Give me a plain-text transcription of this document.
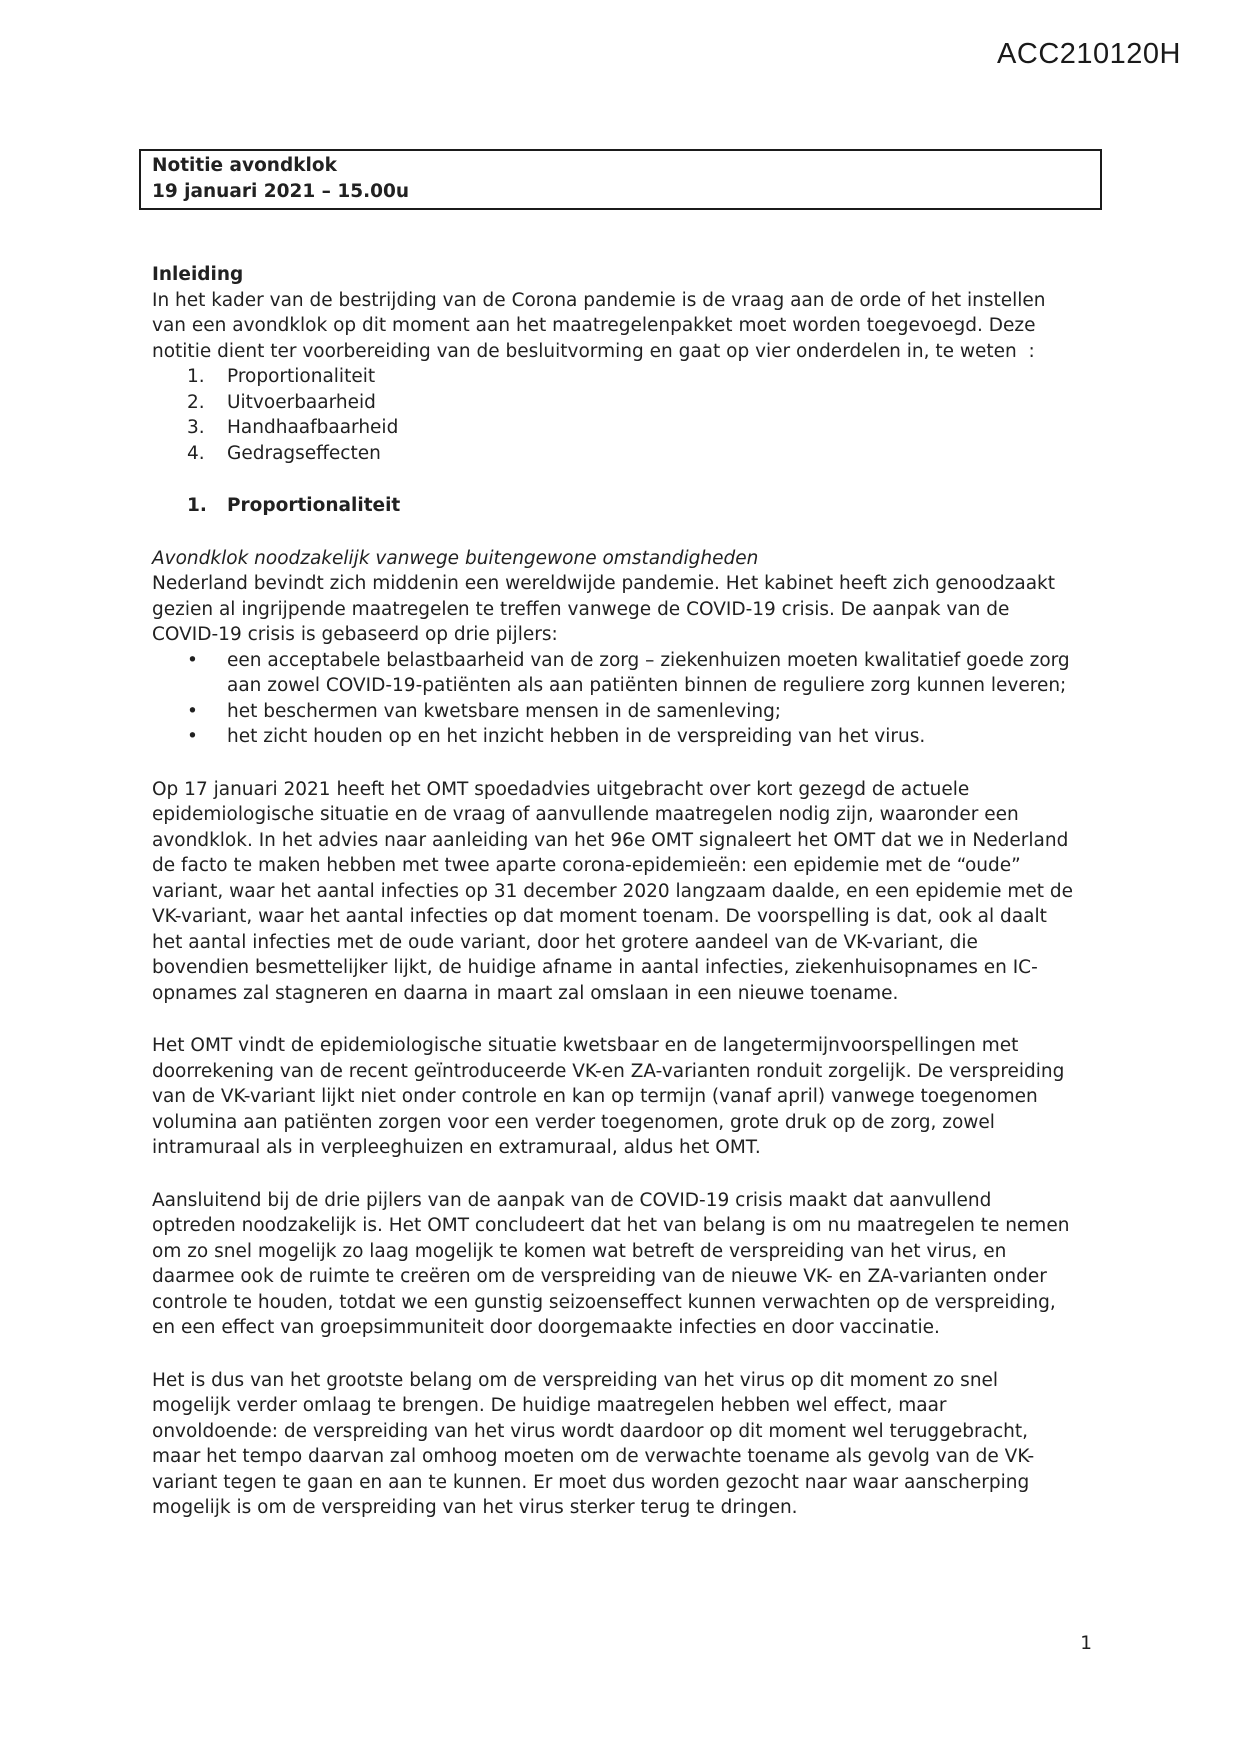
ACC210120H
Notitie avondklok
19 januari 2021 – 15.00u
Inleiding
In het kader van de bestrijding van de Corona pandemie is de vraag aan de orde of het instellen
van een avondklok op dit moment aan het maatregelenpakket moet worden toegevoegd. Deze
notitie dient ter voorbereiding van de besluitvorming en gaat op vier onderdelen in, te weten  :
1.	Proportionaliteit
2.	Uitvoerbaarheid
3.	Handhaafbaarheid
4.	Gedragseffecten
1.	Proportionaliteit
Avondklok noodzakelijk vanwege buitengewone omstandigheden
Nederland bevindt zich middenin een wereldwijde pandemie. Het kabinet heeft zich genoodzaakt
gezien al ingrijpende maatregelen te treffen vanwege de COVID-19 crisis. De aanpak van de
COVID-19 crisis is gebaseerd op drie pijlers:
•	een acceptabele belastbaarheid van de zorg – ziekenhuizen moeten kwalitatief goede zorg
aan zowel COVID-19-patiënten als aan patiënten binnen de reguliere zorg kunnen leveren;
•	het beschermen van kwetsbare mensen in de samenleving;
•	het zicht houden op en het inzicht hebben in de verspreiding van het virus.
Op 17 januari 2021 heeft het OMT spoedadvies uitgebracht over kort gezegd de actuele
epidemiologische situatie en de vraag of aanvullende maatregelen nodig zijn, waaronder een
avondklok. In het advies naar aanleiding van het 96e OMT signaleert het OMT dat we in Nederland
de facto te maken hebben met twee aparte corona-epidemieën: een epidemie met de “oude”
variant, waar het aantal infecties op 31 december 2020 langzaam daalde, en een epidemie met de
VK-variant, waar het aantal infecties op dat moment toenam. De voorspelling is dat, ook al daalt
het aantal infecties met de oude variant, door het grotere aandeel van de VK-variant, die
bovendien besmettelijker lijkt, de huidige afname in aantal infecties, ziekenhuisopnames en IC-
opnames zal stagneren en daarna in maart zal omslaan in een nieuwe toename.
Het OMT vindt de epidemiologische situatie kwetsbaar en de langetermijnvoorspellingen met
doorrekening van de recent geïntroduceerde VK-en ZA-varianten ronduit zorgelijk. De verspreiding
van de VK-variant lijkt niet onder controle en kan op termijn (vanaf april) vanwege toegenomen
volumina aan patiënten zorgen voor een verder toegenomen, grote druk op de zorg, zowel
intramuraal als in verpleeghuizen en extramuraal, aldus het OMT.
Aansluitend bij de drie pijlers van de aanpak van de COVID-19 crisis maakt dat aanvullend
optreden noodzakelijk is. Het OMT concludeert dat het van belang is om nu maatregelen te nemen
om zo snel mogelijk zo laag mogelijk te komen wat betreft de verspreiding van het virus, en
daarmee ook de ruimte te creëren om de verspreiding van de nieuwe VK- en ZA-varianten onder
controle te houden, totdat we een gunstig seizoenseffect kunnen verwachten op de verspreiding,
en een effect van groepsimmuniteit door doorgemaakte infecties en door vaccinatie.
Het is dus van het grootste belang om de verspreiding van het virus op dit moment zo snel
mogelijk verder omlaag te brengen. De huidige maatregelen hebben wel effect, maar
onvoldoende: de verspreiding van het virus wordt daardoor op dit moment wel teruggebracht,
maar het tempo daarvan zal omhoog moeten om de verwachte toename als gevolg van de VK-
variant tegen te gaan en aan te kunnen. Er moet dus worden gezocht naar waar aanscherping
mogelijk is om de verspreiding van het virus sterker terug te dringen.
1
